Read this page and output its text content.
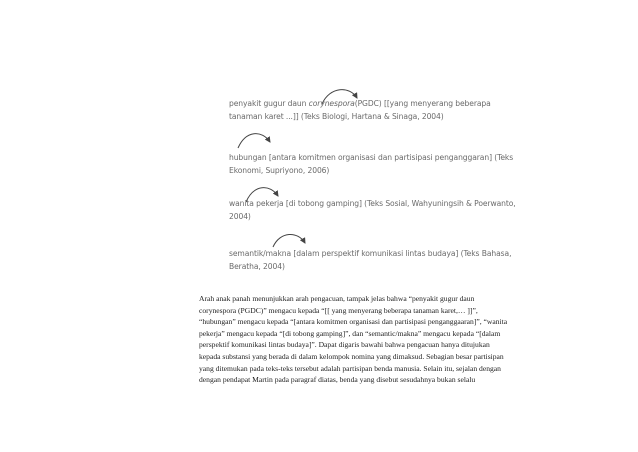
penyakit gugur daun corynespora(PGDC) [[yang menyerang beberapa
tanaman karet ...]] (Teks Biologi, Hartana & Sinaga, 2004)
hubungan [antara komitmen organisasi dan partisipasi penganggaran] (Teks
Ekonomi, Supriyono, 2006)
wanita pekerja [di tobong gamping] (Teks Sosial, Wahyuningsih & Poerwanto,
2004)
semantik/makna [dalam perspektif komunikasi lintas budaya] (Teks Bahasa,
Beratha, 2004)
Arah anak panah menunjukkan arah pengacuan, tampak jelas bahwa “penyakit gugur daun
corynespora (PGDC)” mengacu kepada “[[ yang menyerang beberapa tanaman karet,… ]]”,
“hubungan” mengacu kepada “[antara komitmen organisasi dan partisipasi penganggaaran]”, “wanita
pekerja” mengacu kepada “[di tobong gamping]”, dan “semantic/makna” mengacu kepada “[dalam
perspektif komunikasi lintas budaya]”. Dapat digaris bawahi bahwa pengacuan hanya ditujukan
kepada substansi yang berada di dalam kelompok nomina yang dimaksud. Sebagian besar partisipan
yang ditemukan pada teks-teks tersebut adalah partisipan benda manusia. Selain itu, sejalan dengan
dengan pendapat Martin pada paragraf diatas, benda yang disebut sesudahnya bukan selalu
